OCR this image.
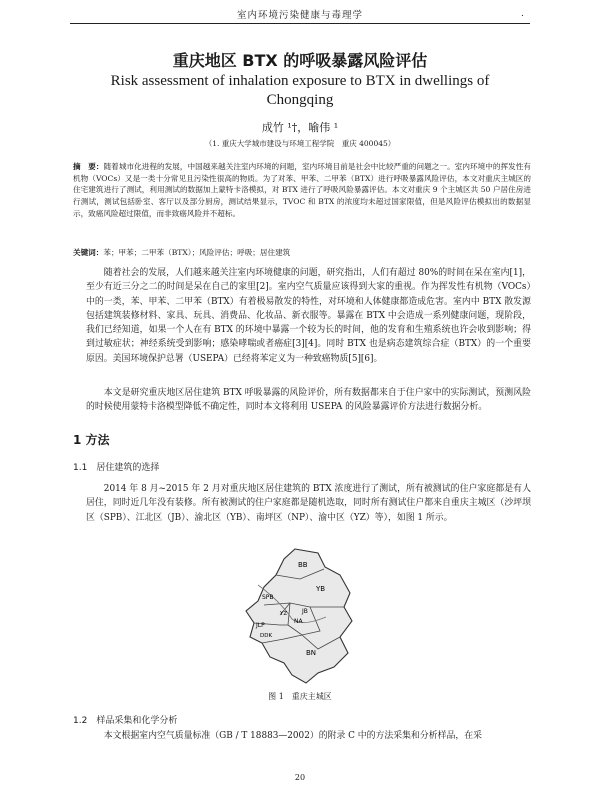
室内环境污染健康与毒理学	.
重庆地区 BTX 的呼吸暴露风险评估
Risk assessment of inhalation exposure to BTX in dwellings of Chongqing
成竹 ¹†，喻伟 ¹
（1. 重庆大学城市建设与环境工程学院　重庆 400045）
摘　要：随着城市化进程的发展，中国越来越关注室内环境的问题，室内环境目前是社会中比较严重的问题之一。室内环境中的挥发性有机物（VOCs）又是一类十分常见且污染性很高的物质。为了对苯、甲苯、二甲苯（BTX）进行呼吸暴露风险评估，本文对重庆主城区的住宅建筑进行了测试，利用测试的数据加上蒙特卡洛模拟，对 BTX 进行了呼吸风险暴露评估。本文对重庆 9 个主城区共 50 户居住房进行测试，测试包括卧室、客厅以及部分厨房，测试结果显示，TVOC 和 BTX 的浓度均未超过国家限值，但是风险评估模拟出的数据显示，致癌风险超过限值，而非致癌风险并不超标。
关键词：苯；甲苯；二甲苯（BTX）；风险评估；呼吸；居住建筑

随着社会的发展，人们越来越关注室内环境健康的问题，研究指出，人们有超过 80%的时间在呆在室内[1]，至少有近三分之二的时间是呆在自己的家里[2]。室内空气质量应该得到大家的重视。作为挥发性有机物（VOCs）中的一类，苯、甲苯、二甲苯（BTX）有着极易散发的特性，对环境和人体健康都造成危害。室内中 BTX 散发源包括建筑装修材料、家具、玩具、消费品、化妆品、新衣服等。暴露在 BTX 中会造成一系列健康问题，现阶段，我们已经知道，如果一个人在有 BTX 的环境中暴露一个较为长的时间，他的发育和生殖系统也许会收到影响；得到过敏症状；神经系统受到影响；感染哮喘或者癌症[3][4]。同时 BTX 也是病态建筑综合症（BTX）的一个重要原因。美国环境保护总署（USEPA）已经将苯定义为一种致癌物质[5][6]。

本文是研究重庆地区居住建筑 BTX 呼吸暴露的风险评价，所有数据都来自于住户家中的实际测试，预测风险的时候使用蒙特卡洛模型降低不确定性，同时本文将利用 USEPA 的风险暴露评价方法进行数据分析。

1 方法
1.1　居住建筑的选择

2014 年 8 月~2015 年 2 月对重庆地区居住建筑的 BTX 浓度进行了测试，所有被测试的住户家庭都是有人居住，同时近几年没有装修。所有被测试的住户家庭都是随机选取，同时所有测试住户都来自重庆主城区（沙坪坝区（SPB）、江北区（JB）、渝北区（YB）、南坪区（NP）、渝中区（YZ）等），如图 1 所示。

BB
YB
SPB
JB
YZ
NA
JLP
DDK
BN
图 1　重庆主城区
1.2　样品采集和化学分析

本文根据室内空气质量标准（GB / T 18883—2002）的附录 C 中的方法采集和分析样品，在采

20
